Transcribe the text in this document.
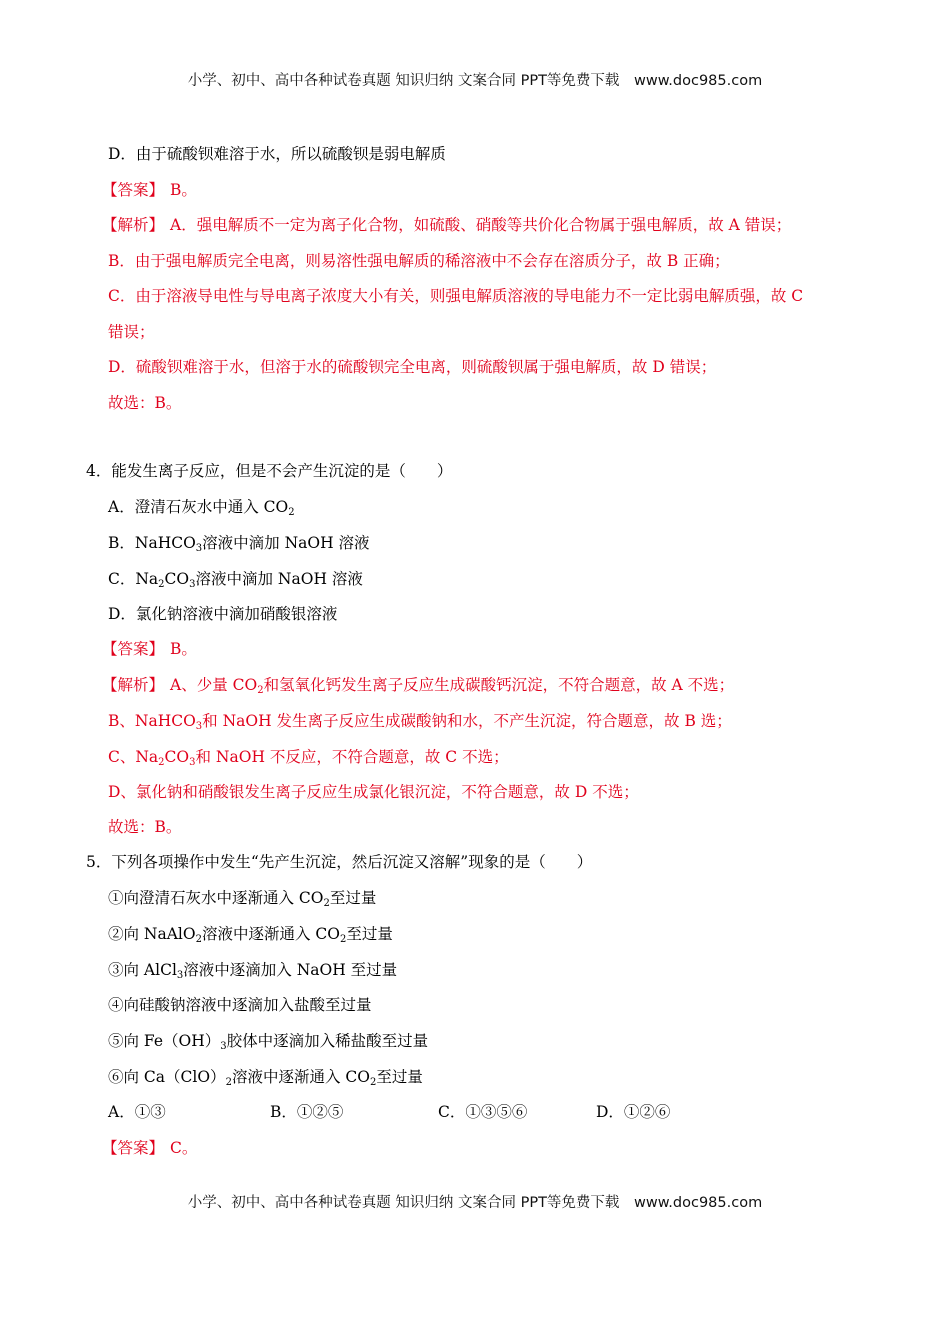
小学、初中、高中各种试卷真题 知识归纳 文案合同 PPT等免费下载 www.doc985.com
D．由于硫酸钡难溶于水，所以硫酸钡是弱电解质
【答案】 B。
【解析】 A．强电解质不一定为离子化合物，如硫酸、硝酸等共价化合物属于强电解质，故 A 错误；
B．由于强电解质完全电离，则易溶性强电解质的稀溶液中不会存在溶质分子，故 B 正确；
C．由于溶液导电性与导电离子浓度大小有关，则强电解质溶液的导电能力不一定比弱电解质强，故 C
错误；
D．硫酸钡难溶于水，但溶于水的硫酸钡完全电离，则硫酸钡属于强电解质，故 D 错误；
故选：B。
4．能发生离子反应，但是不会产生沉淀的是（　　）
A．澄清石灰水中通入 $CO_2$
B．NaHCO$_3$溶液中滴加 NaOH 溶液
C．$Na_2CO_3$溶液中滴加 NaOH 溶液
D．氯化钠溶液中滴加硝酸银溶液
【答案】 B。
【解析】 A、少量 $CO_2$和氢氧化钙发生离子反应生成碳酸钙沉淀，不符合题意，故 A 不选；
B、NaHCO$_3$和 NaOH 发生离子反应生成碳酸钠和水，不产生沉淀，符合题意，故 B 选；
C、$Na_2CO_3$和 NaOH 不反应，不符合题意，故 C 不选；
D、氯化钠和硝酸银发生离子反应生成氯化银沉淀，不符合题意，故 D 不选；
故选：B。
5．下列各项操作中发生“先产生沉淀，然后沉淀又溶解”现象的是（　　）
①向澄清石灰水中逐渐通入 $CO_2$至过量
②向 NaAlO$_2$溶液中逐渐通入 $CO_2$至过量
③向 AlCl$_3$溶液中逐滴加入 NaOH 至过量
④向硅酸钠溶液中逐滴加入盐酸至过量
⑤向 $Fe(OH)_3$胶体中逐滴加入稀盐酸至过量
⑥向 $Ca(ClO)_2$溶液中逐渐通入 $CO_2$至过量
A．①③	B．①②⑤	C．①③⑤⑥	D．①②⑥
【答案】 C。
小学、初中、高中各种试卷真题 知识归纳 文案合同 PPT等免费下载 www.doc985.com
